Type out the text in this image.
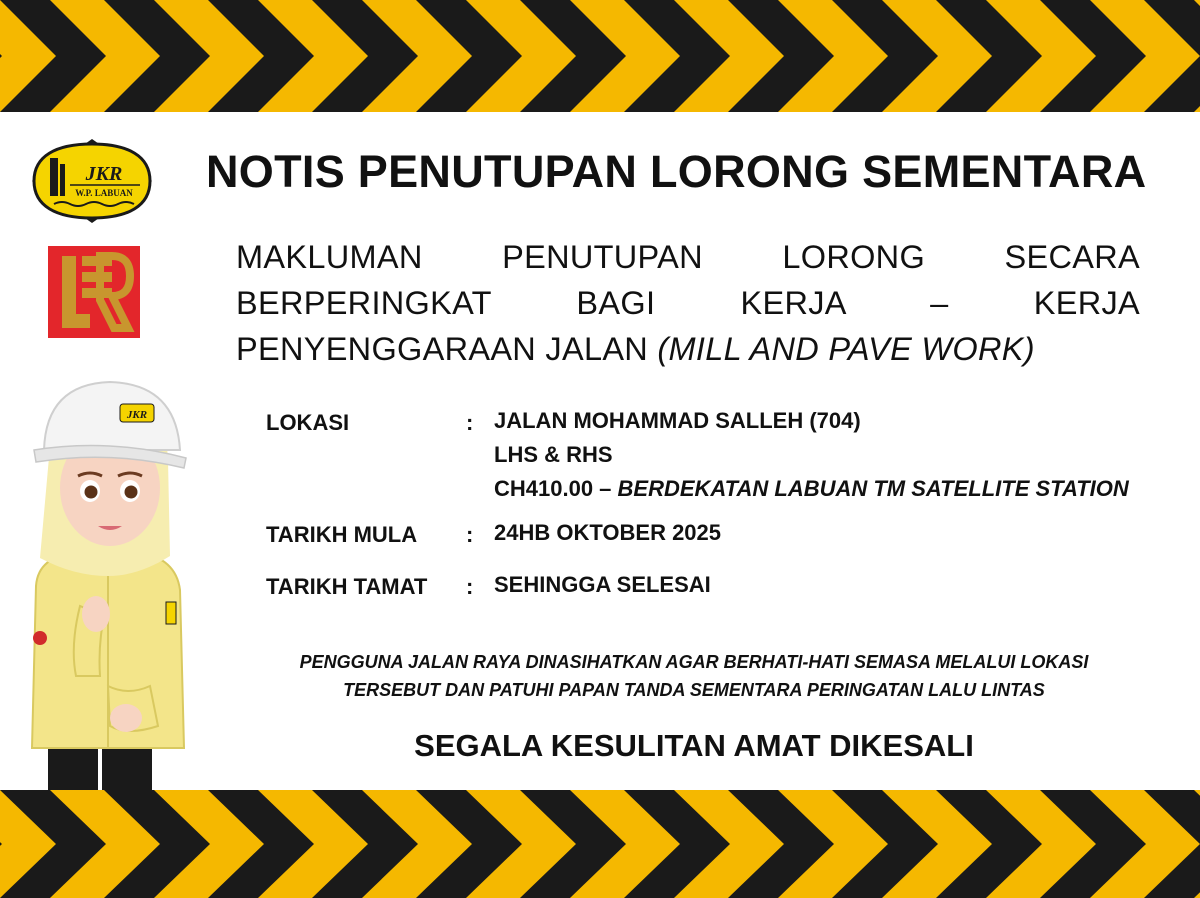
JKR
W.P. LABUAN NOTIS PENUTUPAN LORONG SEMENTARA
MAKLUMAN PENUTUPAN LORONG SECARA BERPERINGKAT BAGI KERJA – KERJA PENYENGGARAAN JALAN (MILL AND PAVE WORK)
LOKASI	: JALAN MOHAMMAD SALLEH (704)
LHS & RHS
CH410.00 – BERDEKATAN LABUAN TM SATELLITE STATION
TARIKH MULA	: 24HB OKTOBER 2025
TARIKH TAMAT	: SEHINGGA SELESAI
PENGGUNA JALAN RAYA DINASIHATKAN AGAR BERHATI-HATI SEMASA MELALUI LOKASI
TERSEBUT DAN PATUHI PAPAN TANDA SEMENTARA PERINGATAN LALU LINTAS
SEGALA KESULITAN AMAT DIKESALI
JKR
